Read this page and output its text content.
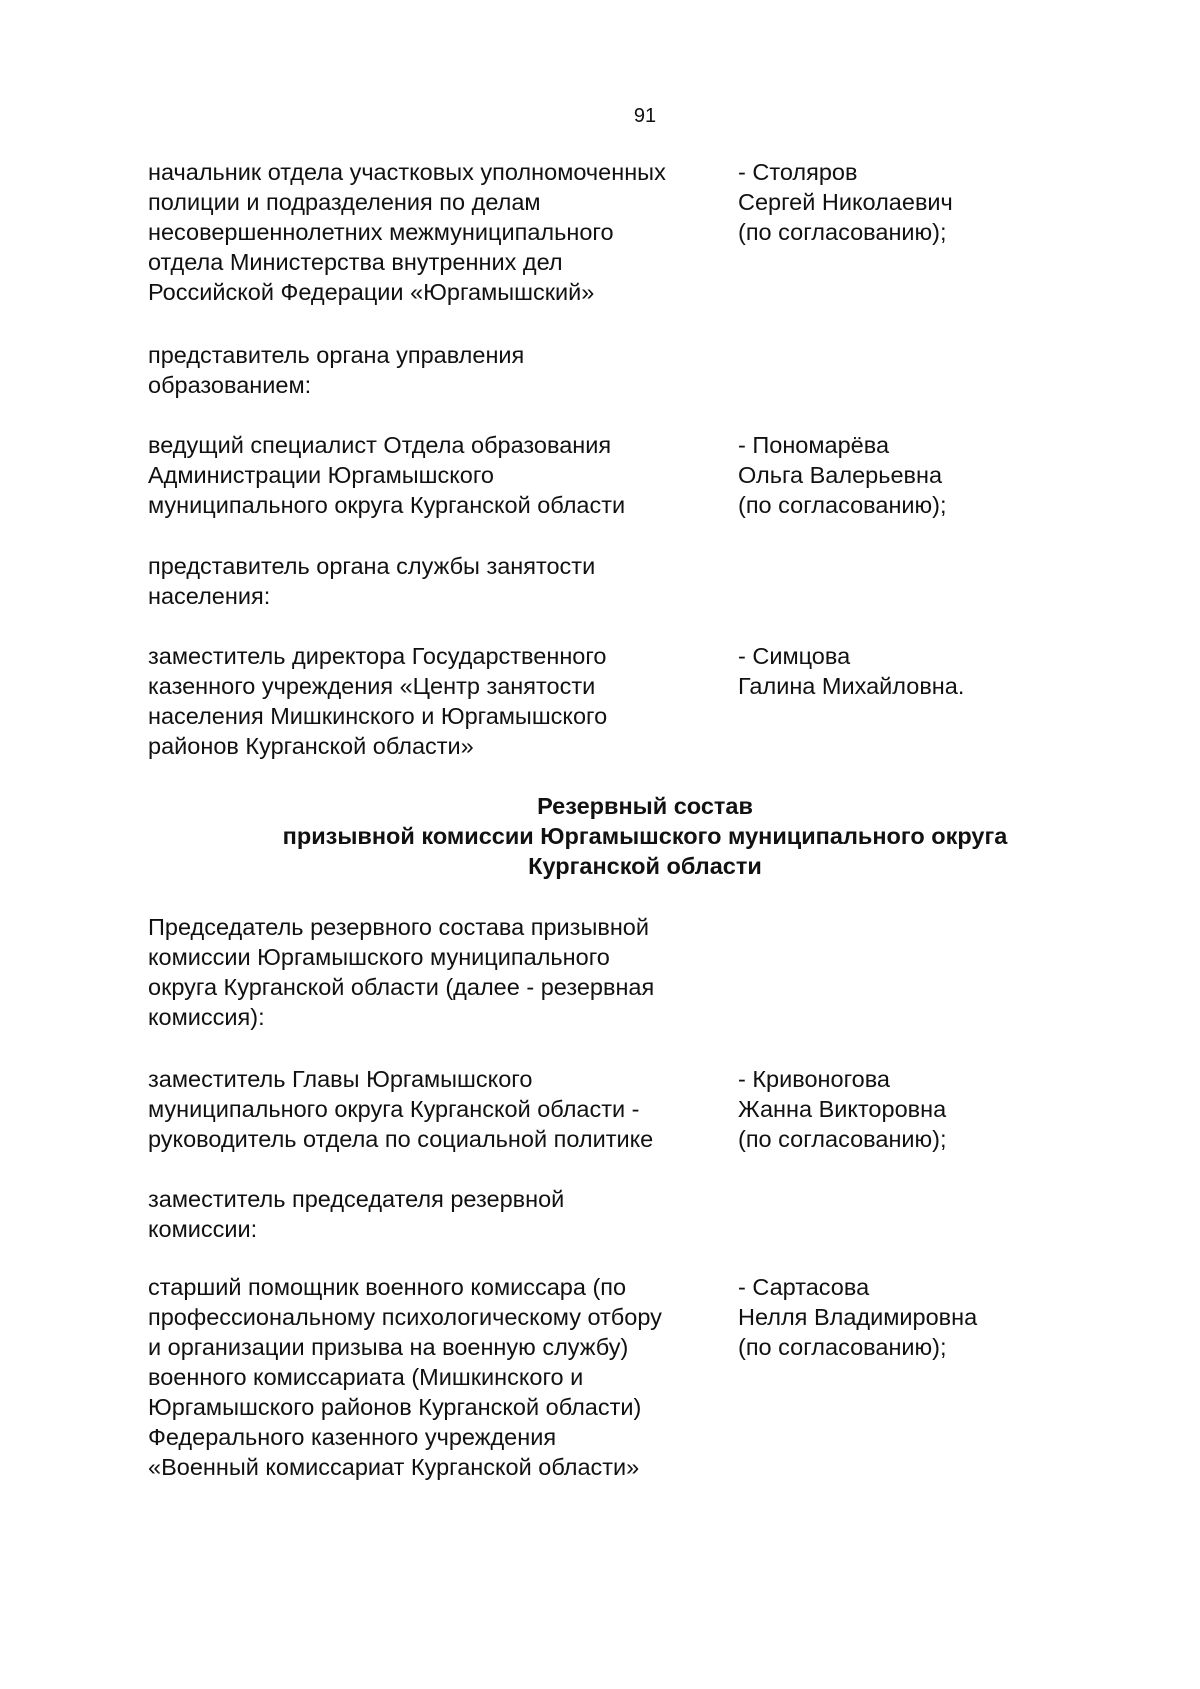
91
начальник отдела участковых уполномоченных
полиции и подразделения по делам
несовершеннолетних межмуниципального
отдела Министерства внутренних дел
Российской Федерации «Юргамышский»
- Столяров
Сергей Николаевич
(по согласованию);
представитель органа управления
образованием:
ведущий специалист Отдела образования
Администрации Юргамышского
муниципального округа Курганской области
- Пономарёва
Ольга Валерьевна
(по согласованию);
представитель органа службы занятости
населения:
заместитель директора Государственного
казенного учреждения «Центр занятости
населения Мишкинского и Юргамышского
районов Курганской области»
- Симцова
Галина Михайловна.
Резервный состав
призывной комиссии Юргамышского муниципального округа
Курганской области
Председатель резервного состава призывной
комиссии Юргамышского муниципального
округа Курганской области (далее - резервная
комиссия):
заместитель Главы Юргамышского
муниципального округа Курганской области -
руководитель отдела по социальной политике
- Кривоногова
Жанна Викторовна
(по согласованию);
заместитель председателя резервной
комиссии:
старший помощник военного комиссара (по
профессиональному психологическому отбору
и организации призыва на военную службу)
военного комиссариата (Мишкинского и
Юргамышского районов Курганской области)
Федерального казенного учреждения
«Военный комиссариат Курганской области»
- Сартасова
Нелля Владимировна
(по согласованию);
